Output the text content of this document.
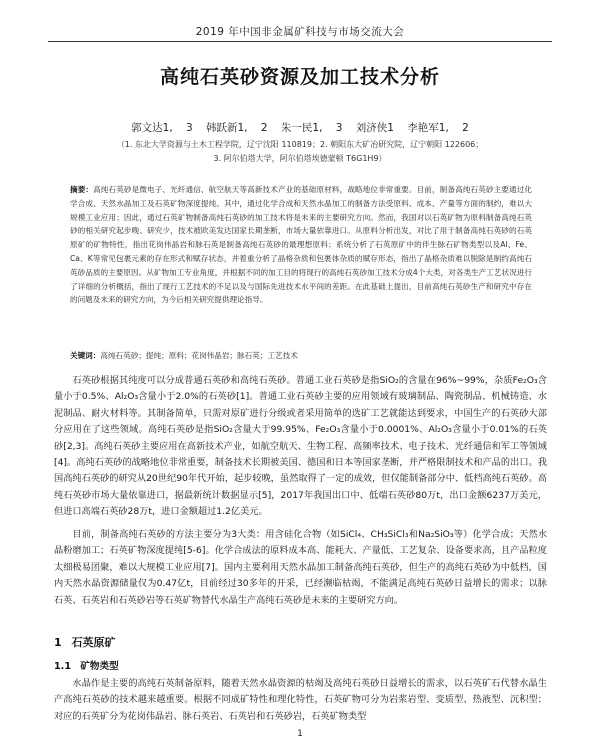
2019 年中国非金属矿科技与市场交流大会
高纯石英砂资源及加工技术分析
郭文达1, 3 韩跃新1, 2 朱一民1, 3 刘济侠1 李艳军1, 2
（1. 东北大学资源与土木工程学院，辽宁沈阳 110819；2. 朝阳东大矿冶研究院，辽宁朝阳 122606；
3. 阿尔伯塔大学，阿尔伯塔埃德蒙顿 T6G1H9）

摘要：高纯石英砂是微电子、光纤通信、航空航天等高新技术产业的基础原材料，战略地位非常重要。目前，制备高纯石英砂主要通过化学合成、天然水晶加工及石英矿物深度提纯。其中，通过化学合成和天然水晶加工的制备方法受原料、成本、产量等方面的制约，难以大规模工业应用；因此，通过石英矿物制备高纯石英砂的加工技术将是未来的主要研究方向。然而，我国对以石英矿物为原料制备高纯石英砂的相关研究起步晚、研究少，技术被欧美发达国家长期垄断，市场大量依靠进口。从原料分析出发，对比了用于制备高纯石英砂的石英原矿的矿物特性，指出花岗伟晶岩和脉石英是制备高纯石英砂的最理想原料；系统分析了石英原矿中的伴生脉石矿物类型以及Al、Fe、Ca、K等常见包裹元素的存在形式和赋存状态，并着重分析了晶格杂质和包裹体杂质的赋存形态，指出了晶格杂质难以脱除是制约高纯石英砂品质的主要原因。从矿物加工专业角度，并根据不同的加工目的将现行的高纯石英砂加工技术分成4个大类，对各类生产工艺状况进行了详细的分析概括，指出了现行工艺技术的不足以及与国际先进技术水平间的差距。在此基础上提出，目前高纯石英砂生产和研究中存在的问题及未来的研究方向，为今后相关研究提供理论指导。

关键词：高纯石英砂；提纯；原料；花岗伟晶岩；脉石英；工艺技术

石英砂根据其纯度可以分成普通石英砂和高纯石英砂。普通工业石英砂是指SiO₂的含量在96%~99%，杂质Fe₂O₃含量小于0.5%、Al₂O₃含量小于2.0%的石英砂[1]。普通工业石英砂主要的应用领域有玻璃制品、陶瓷制品、机械铸造、水泥制品、耐火材料等。其制备简单，只需对原矿进行分级或者采用简单的选矿工艺就能达到要求，中国生产的石英砂大部分应用在了这些领域。高纯石英砂是指SiO₂含量大于99.95%、Fe₂O₃含量小于0.0001%、Al₂O₃含量小于0.01%的石英砂[2,3]。高纯石英砂主要应用在高新技术产业，如航空航天、生物工程、高频率技术、电子技术、光纤通信和军工等领域[4]。高纯石英砂的战略地位非常重要，制备技术长期被美国、德国和日本等国家垄断，并严格限制技术和产品的出口。我国高纯石英砂的研究从20世纪90年代开始，起步较晚，虽然取得了一定的成效，但仅能制备部分中、低档高纯石英砂。高纯石英砂市场大量依靠进口，据最新统计数据显示[5]，2017年我国出口中、低端石英砂80万t，出口金额6237万美元，但进口高端石英砂28万t，进口金额超过1.2亿美元。

目前，制备高纯石英砂的方法主要分为3大类：用含硅化合物（如SiCl₄、CH₃SiCl₃和Na₂SiO₃等）化学合成；天然水晶粉磨加工；石英矿物深度提纯[5-6]。化学合成法的原料成本高、能耗大、产量低、工艺复杂、设备要求高，且产品粒度太细极易团聚，难以大规模工业应用[7]。国内主要利用天然水晶加工制备高纯石英砂，但生产的高纯石英砂为中低档，国内天然水晶资源储量仅为0.47亿t，目前经过30多年的开采，已经濒临枯竭，不能满足高纯石英砂日益增长的需求；以脉石英、石英岩和石英砂岩等石英矿物替代水晶生产高纯石英砂是未来的主要研究方向。

1 石英原矿
1.1 矿物类型

水晶作是主要的高纯石英制备原料，随着天然水晶资源的枯竭及高纯石英砂日益增长的需求，以石英矿石代替水晶生产高纯石英砂的技术越来越重要。根据不同成矿特性和理化特性，石英矿物可分为岩浆岩型、变质型、热液型、沉积型；对应的石英矿分为花岗伟晶岩、脉石英岩、石英岩和石英砂岩，石英矿物类型

1
